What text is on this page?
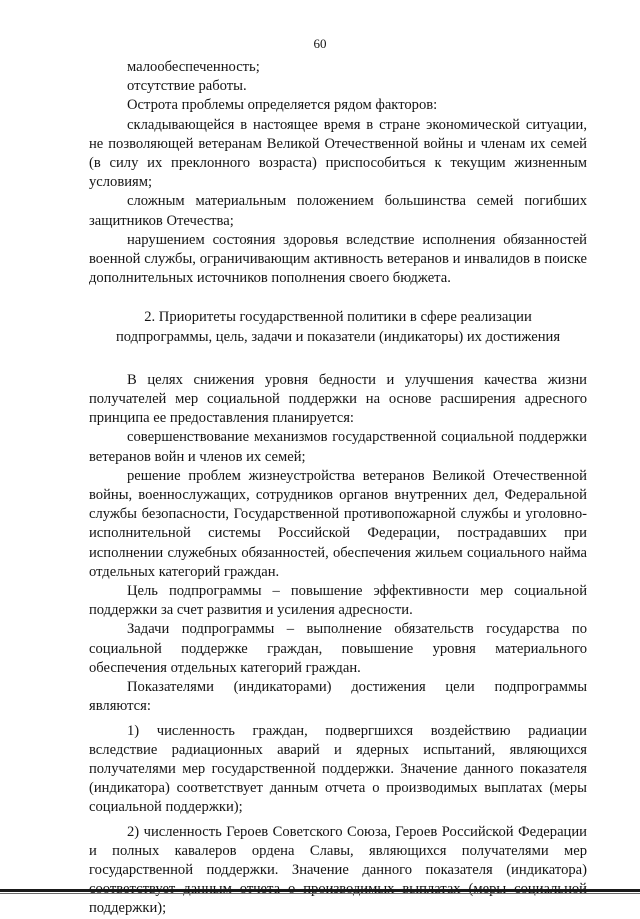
60

малообеспеченность;

отсутствие работы.

Острота проблемы определяется рядом факторов:

складывающейся в настоящее время в стране экономической ситуации, не позволяющей ветеранам Великой Отечественной войны и членам их семей (в силу их преклонного возраста) приспособиться к текущим жизненным условиям;

сложным материальным положением большинства семей погибших защитников Отечества;

нарушением состояния здоровья вследствие исполнения обязанностей военной службы, ограничивающим активность ветеранов и инвалидов в поиске дополнительных источников пополнения своего бюджета.

2. Приоритеты государственной политики в сфере реализации подпрограммы, цель, задачи и показатели (индикаторы) их достижения

В целях снижения уровня бедности и улучшения качества жизни получателей мер социальной поддержки на основе расширения адресного принципа ее предоставления планируется:

совершенствование механизмов государственной социальной поддержки ветеранов войн и членов их семей;

решение проблем жизнеустройства ветеранов Великой Отечественной войны, военнослужащих, сотрудников органов внутренних дел, Федеральной службы безопасности, Государственной противопожарной службы и уголовно-исполнительной системы Российской Федерации, пострадавших при исполнении служебных обязанностей, обеспечения жильем социального найма отдельных категорий граждан.

Цель подпрограммы – повышение эффективности мер социальной поддержки за счет развития и усиления адресности.

Задачи подпрограммы – выполнение обязательств государства по социальной поддержке граждан, повышение уровня материального обеспечения отдельных категорий граждан.

Показателями (индикаторами) достижения цели подпрограммы являются:

1) численность граждан, подвергшихся воздействию радиации вследствие радиационных аварий и ядерных испытаний, являющихся получателями мер государственной поддержки. Значение данного показателя (индикатора) соответствует данным отчета о производимых выплатах (меры социальной поддержки);

2) численность Героев Советского Союза, Героев Российской Федерации и полных кавалеров ордена Славы, являющихся получателями мер государственной поддержки. Значение данного показателя (индикатора) поддержки);
